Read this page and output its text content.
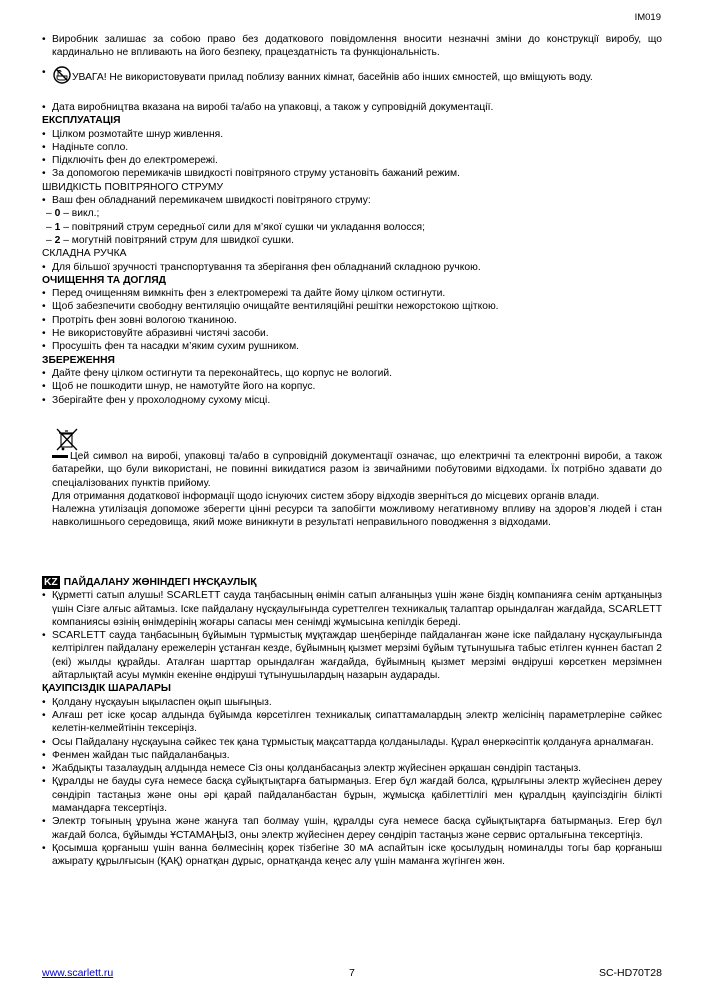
IM019
• Виробник залишає за собою право без додаткового повідомлення вносити незначні зміни до конструкції виробу, що кардинально не впливають на його безпеку, працездатність та функціональність.
• УВАГА! Не використовувати прилад поблизу ванних кімнат, басейнів або інших ємностей, що вміщують воду.
• Дата виробництва вказана на виробі та/або на упаковці, а також у супровідній документації.
ЕКСПЛУАТАЦІЯ
• Цілком розмотайте шнур живлення.
• Надіньте сопло.
• Підключіть фен до електромережі.
• За допомогою перемикачів швидкості повітряного струму установіть бажаний режим.
ШВИДКІСТЬ ПОВІТРЯНОГО СТРУМУ
• Ваш фен обладнаний перемикачем швидкості повітряного струму:
– 0 – викл.;
– 1 – повітряний струм середньої сили для м’якої сушки чи укладання волосся;
– 2 – могутній повітряний струм для швидкої сушки.
СКЛАДНА РУЧКА
• Для більшої зручності транспортування та зберігання фен обладнаний складною ручкою.
ОЧИЩЕННЯ ТА ДОГЛЯД
• Перед очищенням вимкніть фен з електромережі та дайте йому цілком остигнути.
• Щоб забезпечити свободну вентиляцію очищайте вентиляційні решітки нежорстокою щіткою.
• Протріть фен зовні вологою тканиною.
• Не використовуйте абразивні чистячі засоби.
• Просушіть фен та насадки м’яким сухим рушником.
ЗБЕРЕЖЕННЯ
• Дайте фену цілком остигнути та переконайтесь, що корпус не вологий.
• Щоб не пошкодити шнур, не намотуйте його на корпус.
• Зберігайте фен у прохолодному сухому місці.

Цей символ на виробі, упаковці та/або в супровідній документації означає, що електричні та електронні вироби, а також батарейки, що були використані, не повинні викидатися разом із звичайними побутовими відходами. Їх потрібно здавати до спеціалізованих пунктів прийому.

Для отримання додаткової інформації щодо існуючих систем збору відходів зверніться до місцевих органів влади.

Належна утилізація допоможе зберегти цінні ресурси та запобігти можливому негативному впливу на здоров’я людей і стан навколишнього середовища, який може виникнути в результаті неправильного поводження з відходами.

KZ ПАЙДАЛАНУ ЖӨНІНДЕГІ НҰСҚАУЛЫҚ
• Құрметті сатып алушы! SCARLETT сауда таңбасының өнімін сатып алғаныңыз үшін және біздің компанияға сенім артқаныңыз үшін Сізге алғыс айтамыз. Іске пайдалану нұсқаулығында суреттелген техникалық талаптар орындалған жағдайда, SCARLETT компаниясы өзінің өнімдерінің жоғары сапасы мен сенімді жұмысына кепілдік береді.
• SCARLETT сауда таңбасының бұйымын тұрмыстық мұқтаждар шеңберінде пайдаланған және іске пайдалану нұсқаулығында келтірілген пайдалану ережелерін ұстанған кезде, бұйымның қызмет мерзімі бұйым тұтынушыға табыс етілген күннен бастап 2 (екі) жылды құрайды. Аталған шарттар орындалған жағдайда, бұйымның қызмет мерзімі өндіруші көрсеткен мерзімнен айтарлықтай асуы мүмкін екеніне өндіруші тұтынушылардың назарын аударады.
ҚАУІПСІЗДІК ШАРАЛАРЫ
• Қолдану нұсқауын ықыласпен оқып шығыңыз.
• Алғаш рет іске қосар алдында бұйымда көрсетілген техникалық сипаттамалардың электр желісінің параметрлеріне сәйкес келетін-келмейтінін тексеріңіз.
• Осы Пайдалану нұсқауына сәйкес тек қана тұрмыстық мақсаттарда қолданылады. Құрал өнеркәсіптік қолдануға арналмаған.
• Фенмен жайдан тыс пайдаланбаңыз.
• Жабдықты тазалаудың алдында немесе Сіз оны қолданбасаңыз электр жүйесінен әрқашан сөндіріп тастаңыз.
• Құралды не бауды суға немесе басқа сұйықтықтарға батырмаңыз. Егер бұл жағдай болса, құрылғыны электр жүйесінен дереу сөндіріп тастаңыз және оны әрі қарай пайдаланбастан бұрын, жұмысқа қабілеттілігі мен құралдың қауіпсіздігін білікті мамандарға тексертіңіз.
• Электр тоғының ұруына және жануға тап болмау үшін, құралды суға немесе басқа сұйықтықтарға батырмаңыз. Егер бұл жағдай болса, бұйымды ҰСТАМАҢЫЗ, оны электр жүйесінен дереу сөндіріп тастаңыз және сервис орталығына тексертіңіз.
• Қосымша қорғаныш үшін ванна бөлмесінің қорек тізбегіне 30 мА аспайтын іске қосылудың номиналды тогы бар қорғаныш ажырату құрылғысын (ҚАҚ) орнатқан дұрыс, орнатқанда кеңес алу үшін маманға жүгінген жөн.
www.scarlett.ru	7	SC-HD70T28
